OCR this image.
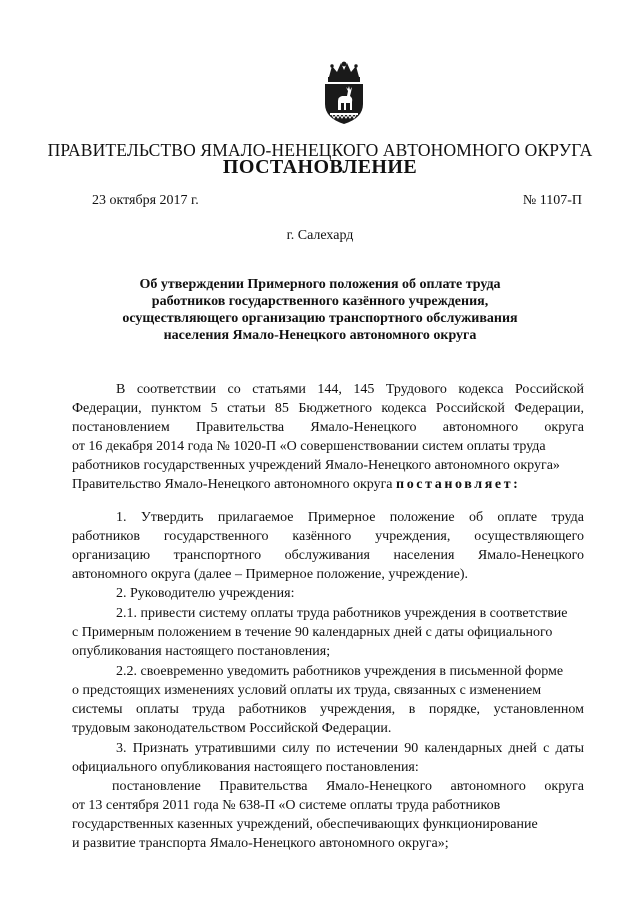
ПРАВИТЕЛЬСТВО ЯМАЛО-НЕНЕЦКОГО АВТОНОМНОГО ОКРУГА
ПОСТАНОВЛЕНИЕ
23 октября 2017 г.	№ 1107-П
г. Салехард
Об утверждении Примерного положения об оплате труда
работников государственного казённого учреждения,
осуществляющего организацию транспортного обслуживания
населения Ямало-Ненецкого автономного округа
В соответствии со статьями 144, 145 Трудового кодекса Российской
Федерации, пунктом 5 статьи 85 Бюджетного кодекса Российской Федерации,
постановлением Правительства Ямало-Ненецкого автономного округа
от 16 декабря 2014 года № 1020-П «О совершенствовании систем оплаты труда
работников государственных учреждений Ямало-Ненецкого автономного округа»
Правительство Ямало-Ненецкого автономного округа постановляет:
1. Утвердить прилагаемое Примерное положение об оплате труда
работников государственного казённого учреждения, осуществляющего
организацию транспортного обслуживания населения Ямало-Ненецкого
автономного округа (далее – Примерное положение, учреждение).
2. Руководителю учреждения:
2.1. привести систему оплаты труда работников учреждения в соответствие
с Примерным положением в течение 90 календарных дней с даты официального
опубликования настоящего постановления;
2.2. своевременно уведомить работников учреждения в письменной форме
о предстоящих изменениях условий оплаты их труда, связанных с изменением
системы оплаты труда работников учреждения, в порядке, установленном
трудовым законодательством Российской Федерации.
3. Признать утратившими силу по истечении 90 календарных дней с даты
официального опубликования настоящего постановления:
постановление Правительства Ямало-Ненецкого автономного округа
от 13 сентября 2011 года № 638-П «О системе оплаты труда работников
государственных казенных учреждений, обеспечивающих функционирование
и развитие транспорта Ямало-Ненецкого автономного округа»;
